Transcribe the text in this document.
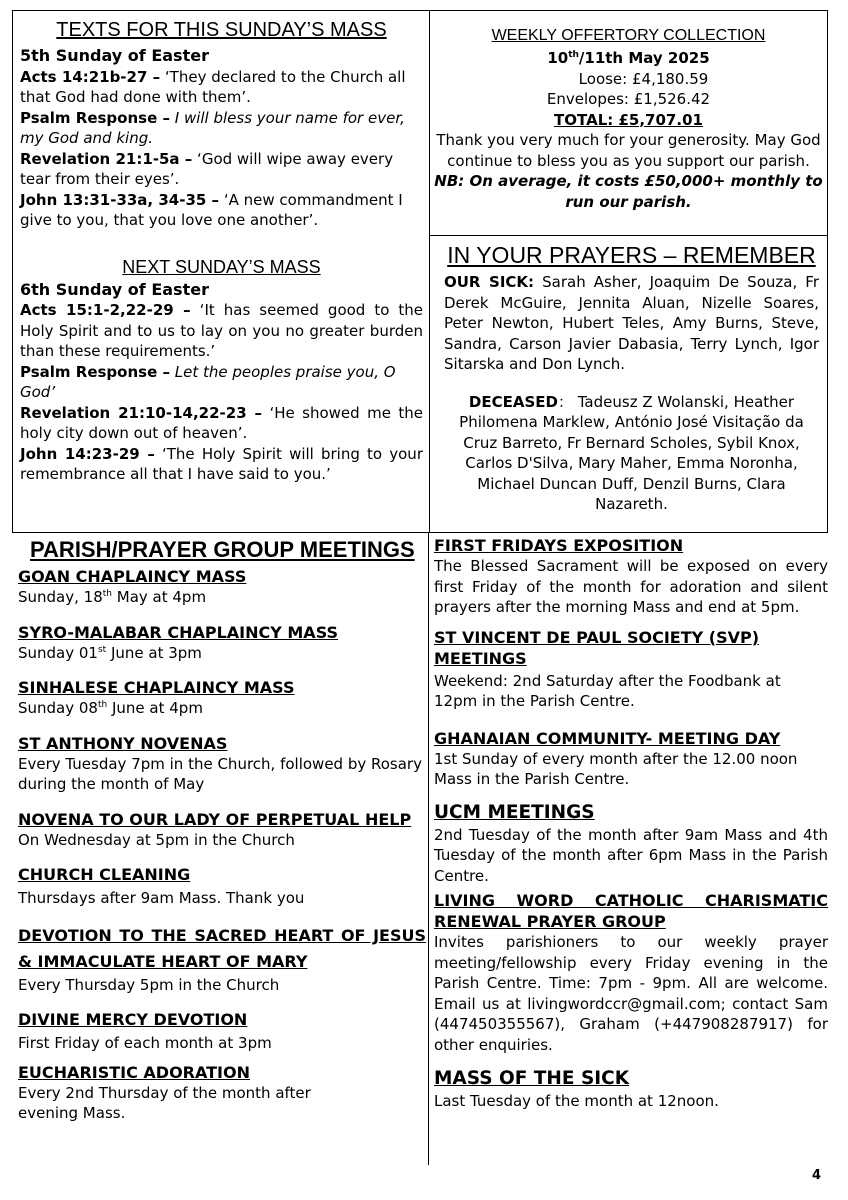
TEXTS FOR THIS SUNDAY’S MASS
5th Sunday of Easter

Acts 14:21b-27 – ‘They declared to the Church all that God had done with them’.

Psalm Response – I will bless your name for ever, my God and king.

Revelation 21:1-5a – ‘God will wipe away every tear from their eyes’.

John 13:31-33a, 34-35 – ‘A new commandment I give to you, that you love one another’.

NEXT SUNDAY’S MASS
6th Sunday of Easter

Acts 15:1-2,22-29 – ‘It has seemed good to the Holy Spirit and to us to lay on you no greater burden than these requirements.’

Psalm Response – Let the peoples praise you, O God’

Revelation 21:10-14,22-23 – ‘He showed me the holy city down out of heaven’.

John 14:23-29 – ‘The Holy Spirit will bring to your remembrance all that I have said to you.’

WEEKLY OFFERTORY COLLECTION
10th/11th May 2025
Loose: £4,180.59
Envelopes: £1,526.42
TOTAL: £5,707.01
Thank you very much for your generosity. May God continue to bless you as you support our parish.
NB: On average, it costs £50,000+ monthly to run our parish.
IN YOUR PRAYERS – REMEMBER

OUR SICK: Sarah Asher, Joaquim De Souza, Fr Derek McGuire, Jennita Aluan, Nizelle Soares, Peter Newton, Hubert Teles, Amy Burns, Steve, Sandra, Carson Javier Dabasia, Terry Lynch, Igor Sitarska and Don Lynch.

DECEASED： Tadeusz Z Wolanski, Heather Philomena Marklew, António José Visitação da Cruz Barreto, Fr Bernard Scholes, Sybil Knox, Carlos D'Silva, Mary Maher, Emma Noronha, Michael Duncan Duff, Denzil Burns, Clara Nazareth.

PARISH/PRAYER GROUP MEETINGS
GOAN CHAPLAINCY MASS
Sunday, 18th May at 4pm
SYRO-MALABAR CHAPLAINCY MASS
Sunday 01st June at 3pm
SINHALESE CHAPLAINCY MASS
Sunday 08th June at 4pm
ST ANTHONY NOVENAS
Every Tuesday 7pm in the Church, followed by Rosary during the month of May
NOVENA TO OUR LADY OF PERPETUAL HELP
On Wednesday at 5pm in the Church
CHURCH CLEANING
Thursdays after 9am Mass. Thank you
DEVOTION TO THE SACRED HEART OF JESUS & IMMACULATE HEART OF MARY
Every Thursday 5pm in the Church
DIVINE MERCY DEVOTION
First Friday of each month at 3pm
EUCHARISTIC ADORATION
Every 2nd Thursday of the month after evening Mass.
FIRST FRIDAYS EXPOSITION
The Blessed Sacrament will be exposed on every first Friday of the month for adoration and silent prayers after the morning Mass and end at 5pm.
ST VINCENT DE PAUL SOCIETY (SVP) MEETINGS
Weekend: 2nd Saturday after the Foodbank at 12pm in the Parish Centre.
GHANAIAN COMMUNITY- MEETING DAY
1st Sunday of every month after the 12.00 noon Mass in the Parish Centre.
UCM MEETINGS
2nd Tuesday of the month after 9am Mass and 4th Tuesday of the month after 6pm Mass in the Parish Centre.
LIVING WORD CATHOLIC CHARISMATIC RENEWAL PRAYER GROUP
Invites parishioners to our weekly prayer meeting/fellowship every Friday evening in the Parish Centre. Time: 7pm - 9pm. All are welcome. Email us at livingwordccr@gmail.com; contact Sam (447450355567), Graham (+447908287917) for other enquiries.
MASS OF THE SICK
Last Tuesday of the month at 12noon.
4
